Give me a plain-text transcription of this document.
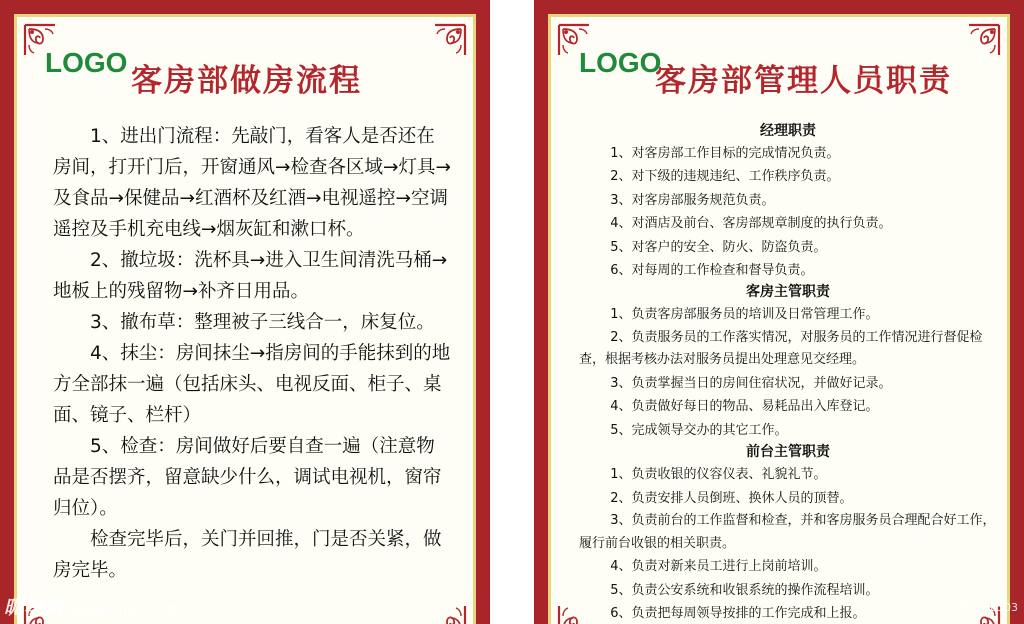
LOGO
客房部做房流程

1、进出门流程：先敲门，看客人是否还在房间，打开门后，开窗通风→检查各区域→灯具→及食品→保健品→红酒杯及红酒→电视遥控→空调遥控及手机充电线→烟灰缸和漱口杯。

2、撤垃圾：洗杯具→进入卫生间清洗马桶→地板上的残留物→补齐日用品。

3、撤布草：整理被子三线合一，床复位。

4、抹尘：房间抹尘→指房间的手能抹到的地方全部抹一遍（包括床头、电视反面、柜子、桌面、镜子、栏杆）

5、检查：房间做好后要自查一遍（注意物品是否摆齐，留意缺少什么，调试电视机，窗帘归位）。

检查完毕后，关门并回推，门是否关紧，做房完毕。

昵享网 www.nipic.com
LOGO
客房部管理人员职责
经理职责

1、对客房部工作目标的完成情况负责。

2、对下级的违规违纪、工作秩序负责。

3、对客房部服务规范负责。

4、对酒店及前台、客房部规章制度的执行负责。

5、对客户的安全、防火、防盗负责。

6、对每周的工作检查和督导负责。

客房主管职责

1、负责客房部服务员的培训及日常管理工作。

2、负责服务员的工作落实情况，对服务员的工作情况进行督促检查，根据考核办法对服务员提出处理意见交经理。

3、负责掌握当日的房间住宿状况，并做好记录。

4、负责做好每日的物品、易耗品出入库登记。

5、完成领导交办的其它工作。

前台主管职责

1、负责收银的仪容仪表、礼貌礼节。

2、负责安排人员倒班、换休人员的顶替。

3、负责前台的工作监督和检查，并和客房服务员合理配合好工作，履行前台收银的相关职责。

4、负责对新来员工进行上岗前培训。

5、负责公安系统和收银系统的操作流程培训。

6、负责把每周领导按排的工作完成和上报。	8080417262016503
